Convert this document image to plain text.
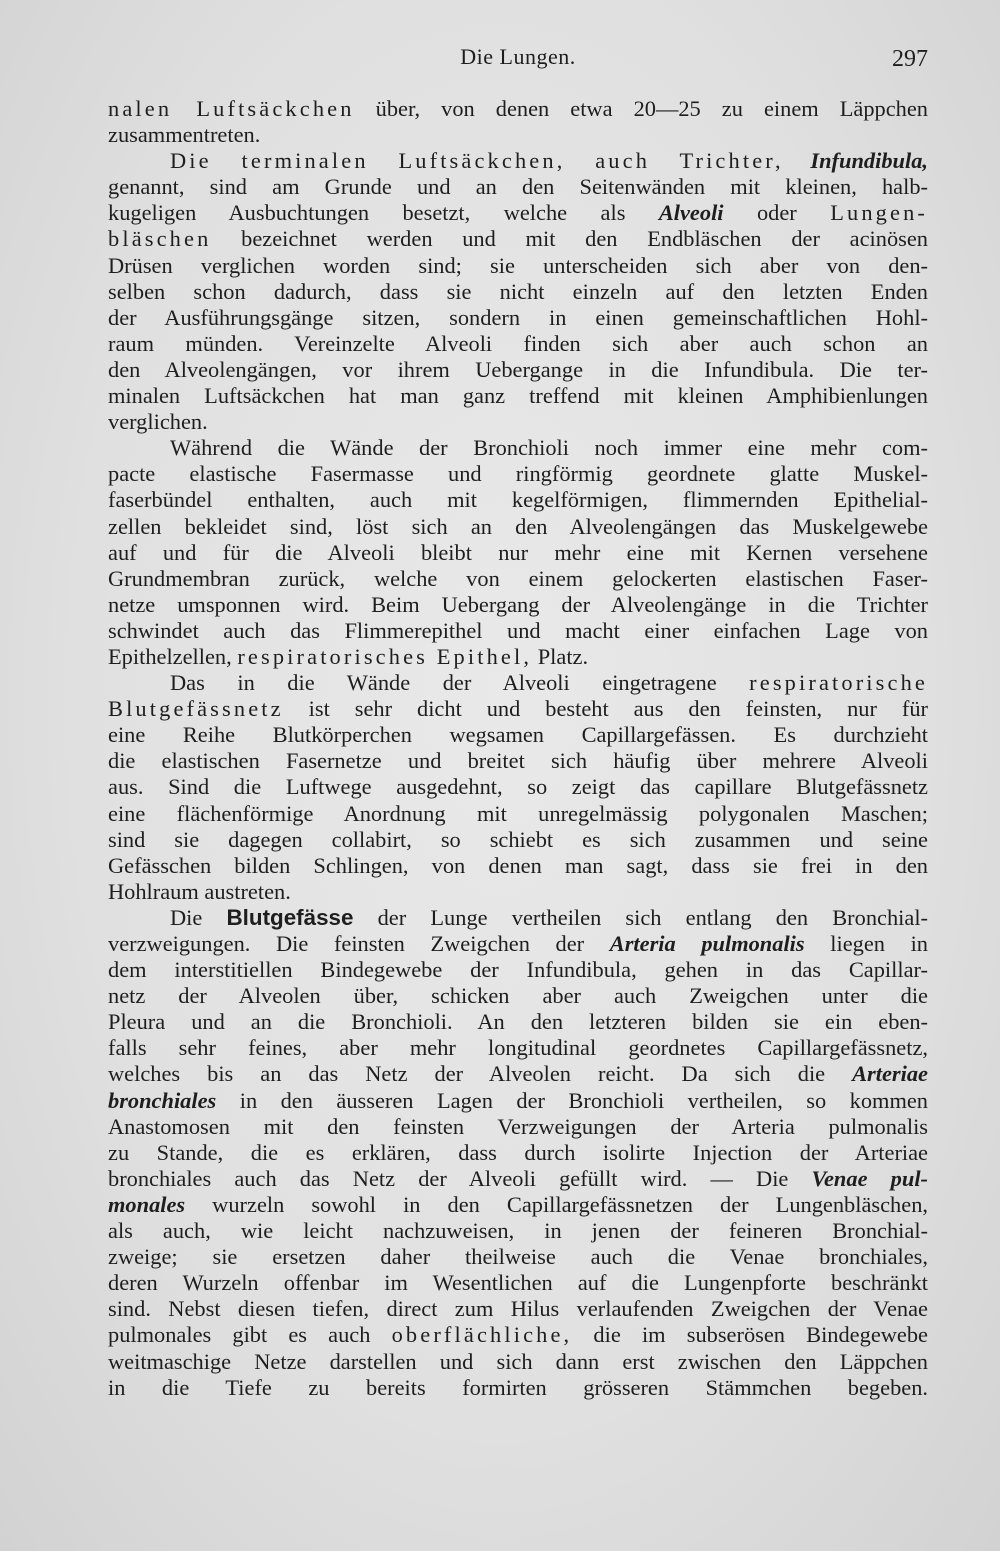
Die Lungen.	297
nalen Luftsäckchen über, von denen etwa 20—25 zu einem Läppchen
zusammentreten.
Die terminalen Luftsäckchen, auch Trichter, Infundibula,
genannt, sind am Grunde und an den Seitenwänden mit kleinen, halb-
kugeligen Ausbuchtungen besetzt, welche als Alveoli oder Lungen-
bläschen bezeichnet werden und mit den Endbläschen der acinösen
Drüsen verglichen worden sind; sie unterscheiden sich aber von den-
selben schon dadurch, dass sie nicht einzeln auf den letzten Enden
der Ausführungsgänge sitzen, sondern in einen gemeinschaftlichen Hohl-
raum münden. Vereinzelte Alveoli finden sich aber auch schon an
den Alveolengängen, vor ihrem Uebergange in die Infundibula. Die ter-
minalen Luftsäckchen hat man ganz treffend mit kleinen Amphibienlungen
verglichen.
Während die Wände der Bronchioli noch immer eine mehr com-
pacte elastische Fasermasse und ringförmig geordnete glatte Muskel-
faserbündel enthalten, auch mit kegelförmigen, flimmernden Epithelial-
zellen bekleidet sind, löst sich an den Alveolengängen das Muskelgewebe
auf und für die Alveoli bleibt nur mehr eine mit Kernen versehene
Grundmembran zurück, welche von einem gelockerten elastischen Faser-
netze umsponnen wird. Beim Uebergang der Alveolengänge in die Trichter
schwindet auch das Flimmerepithel und macht einer einfachen Lage von
Epithelzellen, respiratorisches Epithel, Platz.
Das in die Wände der Alveoli eingetragene respiratorische
Blutgefässnetz ist sehr dicht und besteht aus den feinsten, nur für
eine Reihe Blutkörperchen wegsamen Capillargefässen. Es durchzieht
die elastischen Fasernetze und breitet sich häufig über mehrere Alveoli
aus. Sind die Luftwege ausgedehnt, so zeigt das capillare Blutgefässnetz
eine flächenförmige Anordnung mit unregelmässig polygonalen Maschen;
sind sie dagegen collabirt, so schiebt es sich zusammen und seine
Gefässchen bilden Schlingen, von denen man sagt, dass sie frei in den
Hohlraum austreten.
Die Blutgefässe der Lunge vertheilen sich entlang den Bronchial-
verzweigungen. Die feinsten Zweigchen der Arteria pulmonalis liegen in
dem interstitiellen Bindegewebe der Infundibula, gehen in das Capillar-
netz der Alveolen über, schicken aber auch Zweigchen unter die
Pleura und an die Bronchioli. An den letzteren bilden sie ein eben-
falls sehr feines, aber mehr longitudinal geordnetes Capillargefässnetz,
welches bis an das Netz der Alveolen reicht. Da sich die Arteriae
bronchiales in den äusseren Lagen der Bronchioli vertheilen, so kommen
Anastomosen mit den feinsten Verzweigungen der Arteria pulmonalis
zu Stande, die es erklären, dass durch isolirte Injection der Arteriae
bronchiales auch das Netz der Alveoli gefüllt wird. — Die Venae pul-
monales wurzeln sowohl in den Capillargefässnetzen der Lungenbläschen,
als auch, wie leicht nachzuweisen, in jenen der feineren Bronchial-
zweige; sie ersetzen daher theilweise auch die Venae bronchiales,
deren Wurzeln offenbar im Wesentlichen auf die Lungenpforte beschränkt
sind. Nebst diesen tiefen, direct zum Hilus verlaufenden Zweigchen der Venae
pulmonales gibt es auch oberflächliche, die im subserösen Bindegewebe
weitmaschige Netze darstellen und sich dann erst zwischen den Läppchen
in die Tiefe zu bereits formirten grösseren Stämmchen begeben.
